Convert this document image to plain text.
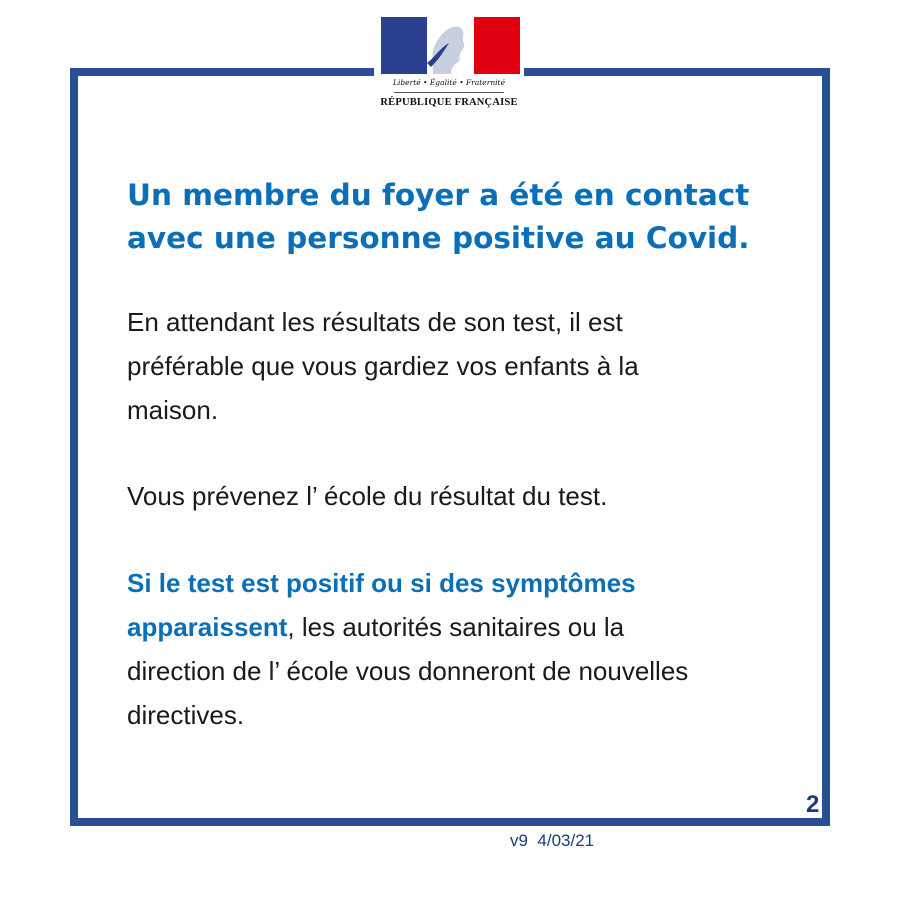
Liberté • Égalité • Fraternité
RÉPUBLIQUE FRANÇAISE
Un membre du foyer a été en contact
avec une personne positive au Covid.

En attendant les résultats de son test, il est
préférable que vous gardiez vos enfants à la
maison.

Vous prévenez l’ école du résultat du test.

Si le test est positif ou si des symptômes
apparaissent, les autorités sanitaires ou la
direction de l’ école vous donneront de nouvelles
directives.

2
v9  4/03/21
